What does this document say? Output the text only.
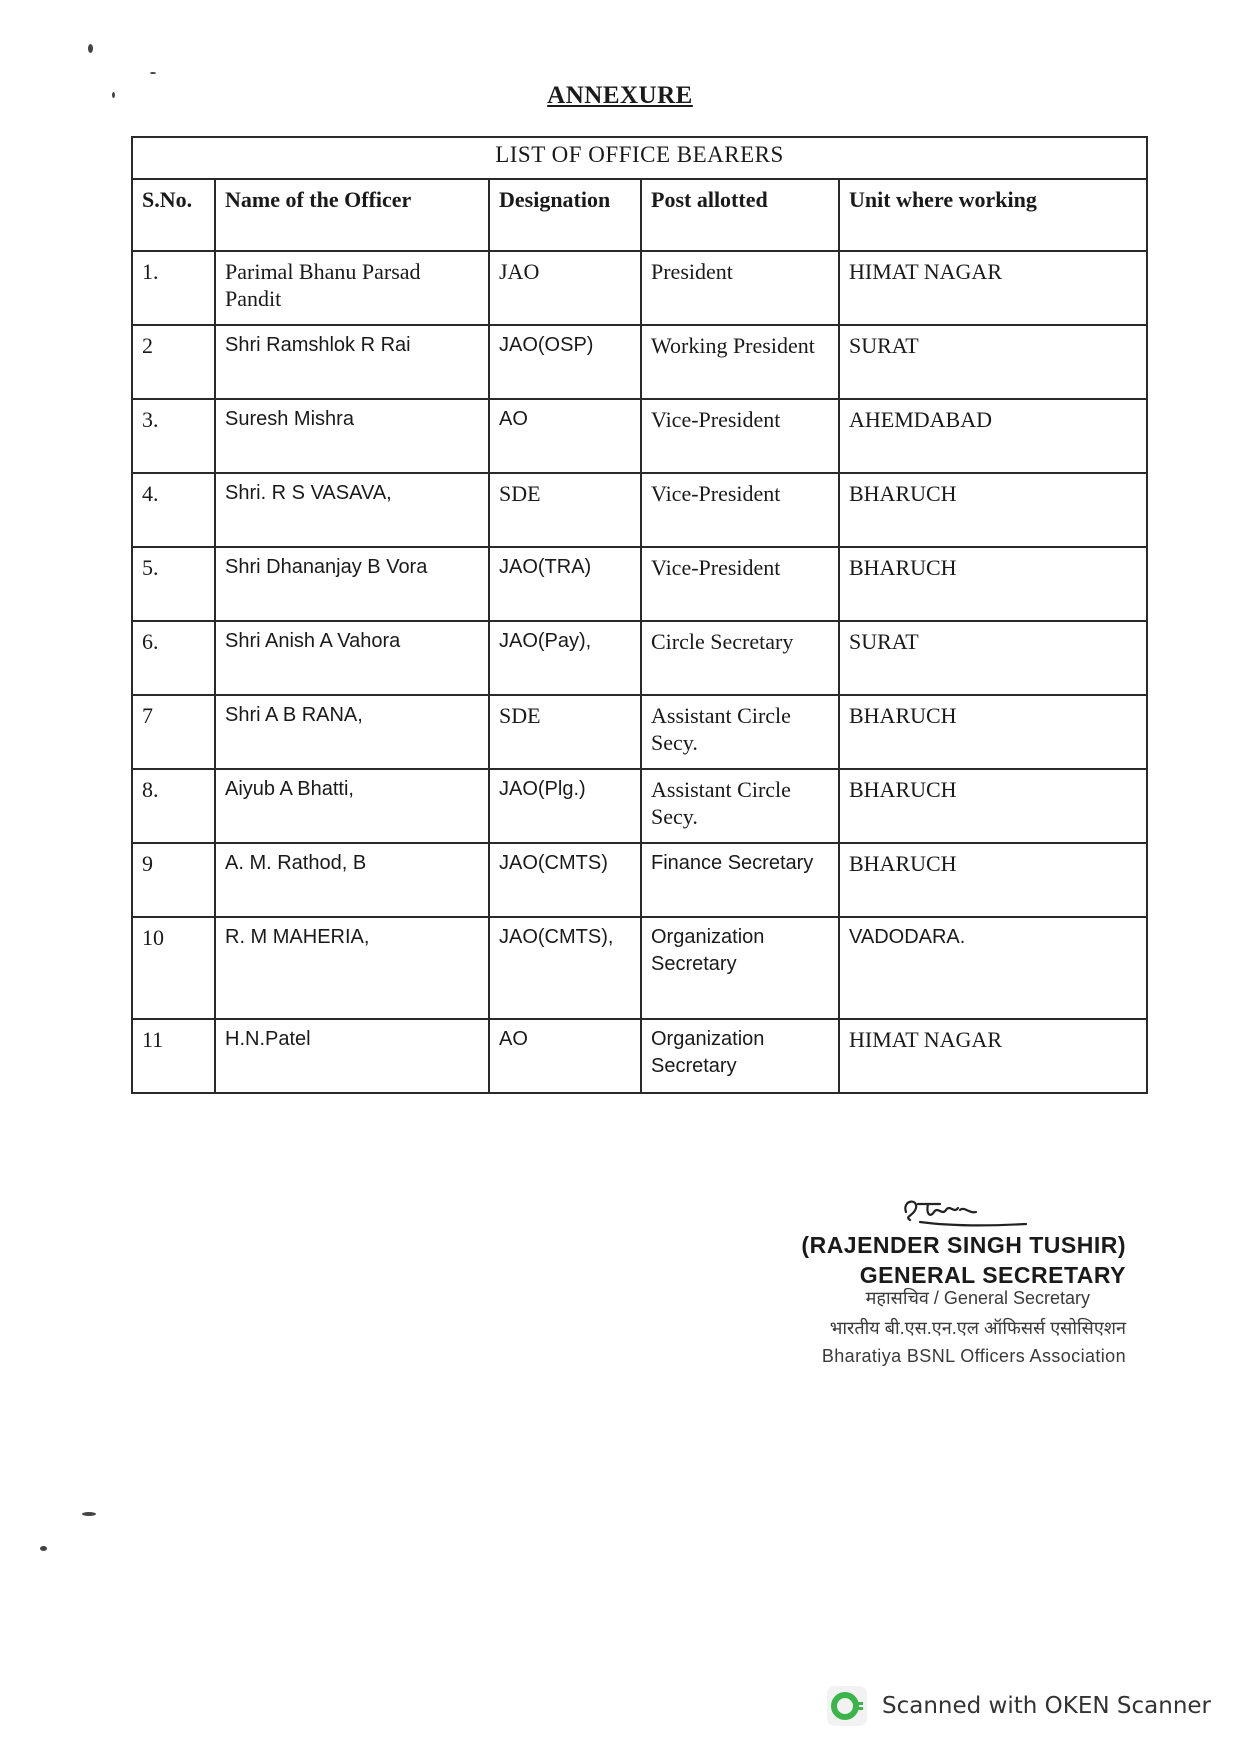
ANNEXURE
LIST OF OFFICE BEARERS				
S.No.	Name of the Officer	Designation	Post allotted	Unit where working
1.	Parimal Bhanu Parsad Pandit	JAO	President	HIMAT NAGAR
2	Shri Ramshlok R Rai	JAO(OSP)	Working President	SURAT
3.	Suresh Mishra	AO	Vice-President	AHEMDABAD
4.	Shri. R S VASAVA,	SDE	Vice-President	BHARUCH
5.	Shri Dhananjay B Vora	JAO(TRA)	Vice-President	BHARUCH
6.	Shri Anish A Vahora	JAO(Pay),	Circle Secretary	SURAT
7	Shri A B RANA,	SDE	Assistant Circle Secy.	BHARUCH
8.	Aiyub A Bhatti,	JAO(Plg.)	Assistant Circle Secy.	BHARUCH
9	A. M. Rathod, B	JAO(CMTS)	Finance Secretary	BHARUCH
10	R. M MAHERIA,	JAO(CMTS),	Organization Secretary	VADODARA.
11	H.N.Patel	AO	Organization Secretary	HIMAT NAGAR
(RAJENDER SINGH TUSHIR)
GENERAL SECRETARY
महासचिव / General Secretary
भारतीय बी.एस.एन.एल ऑफिसर्स एसोसिएशन
Bharatiya BSNL Officers Association
Scanned with OKEN Scanner
